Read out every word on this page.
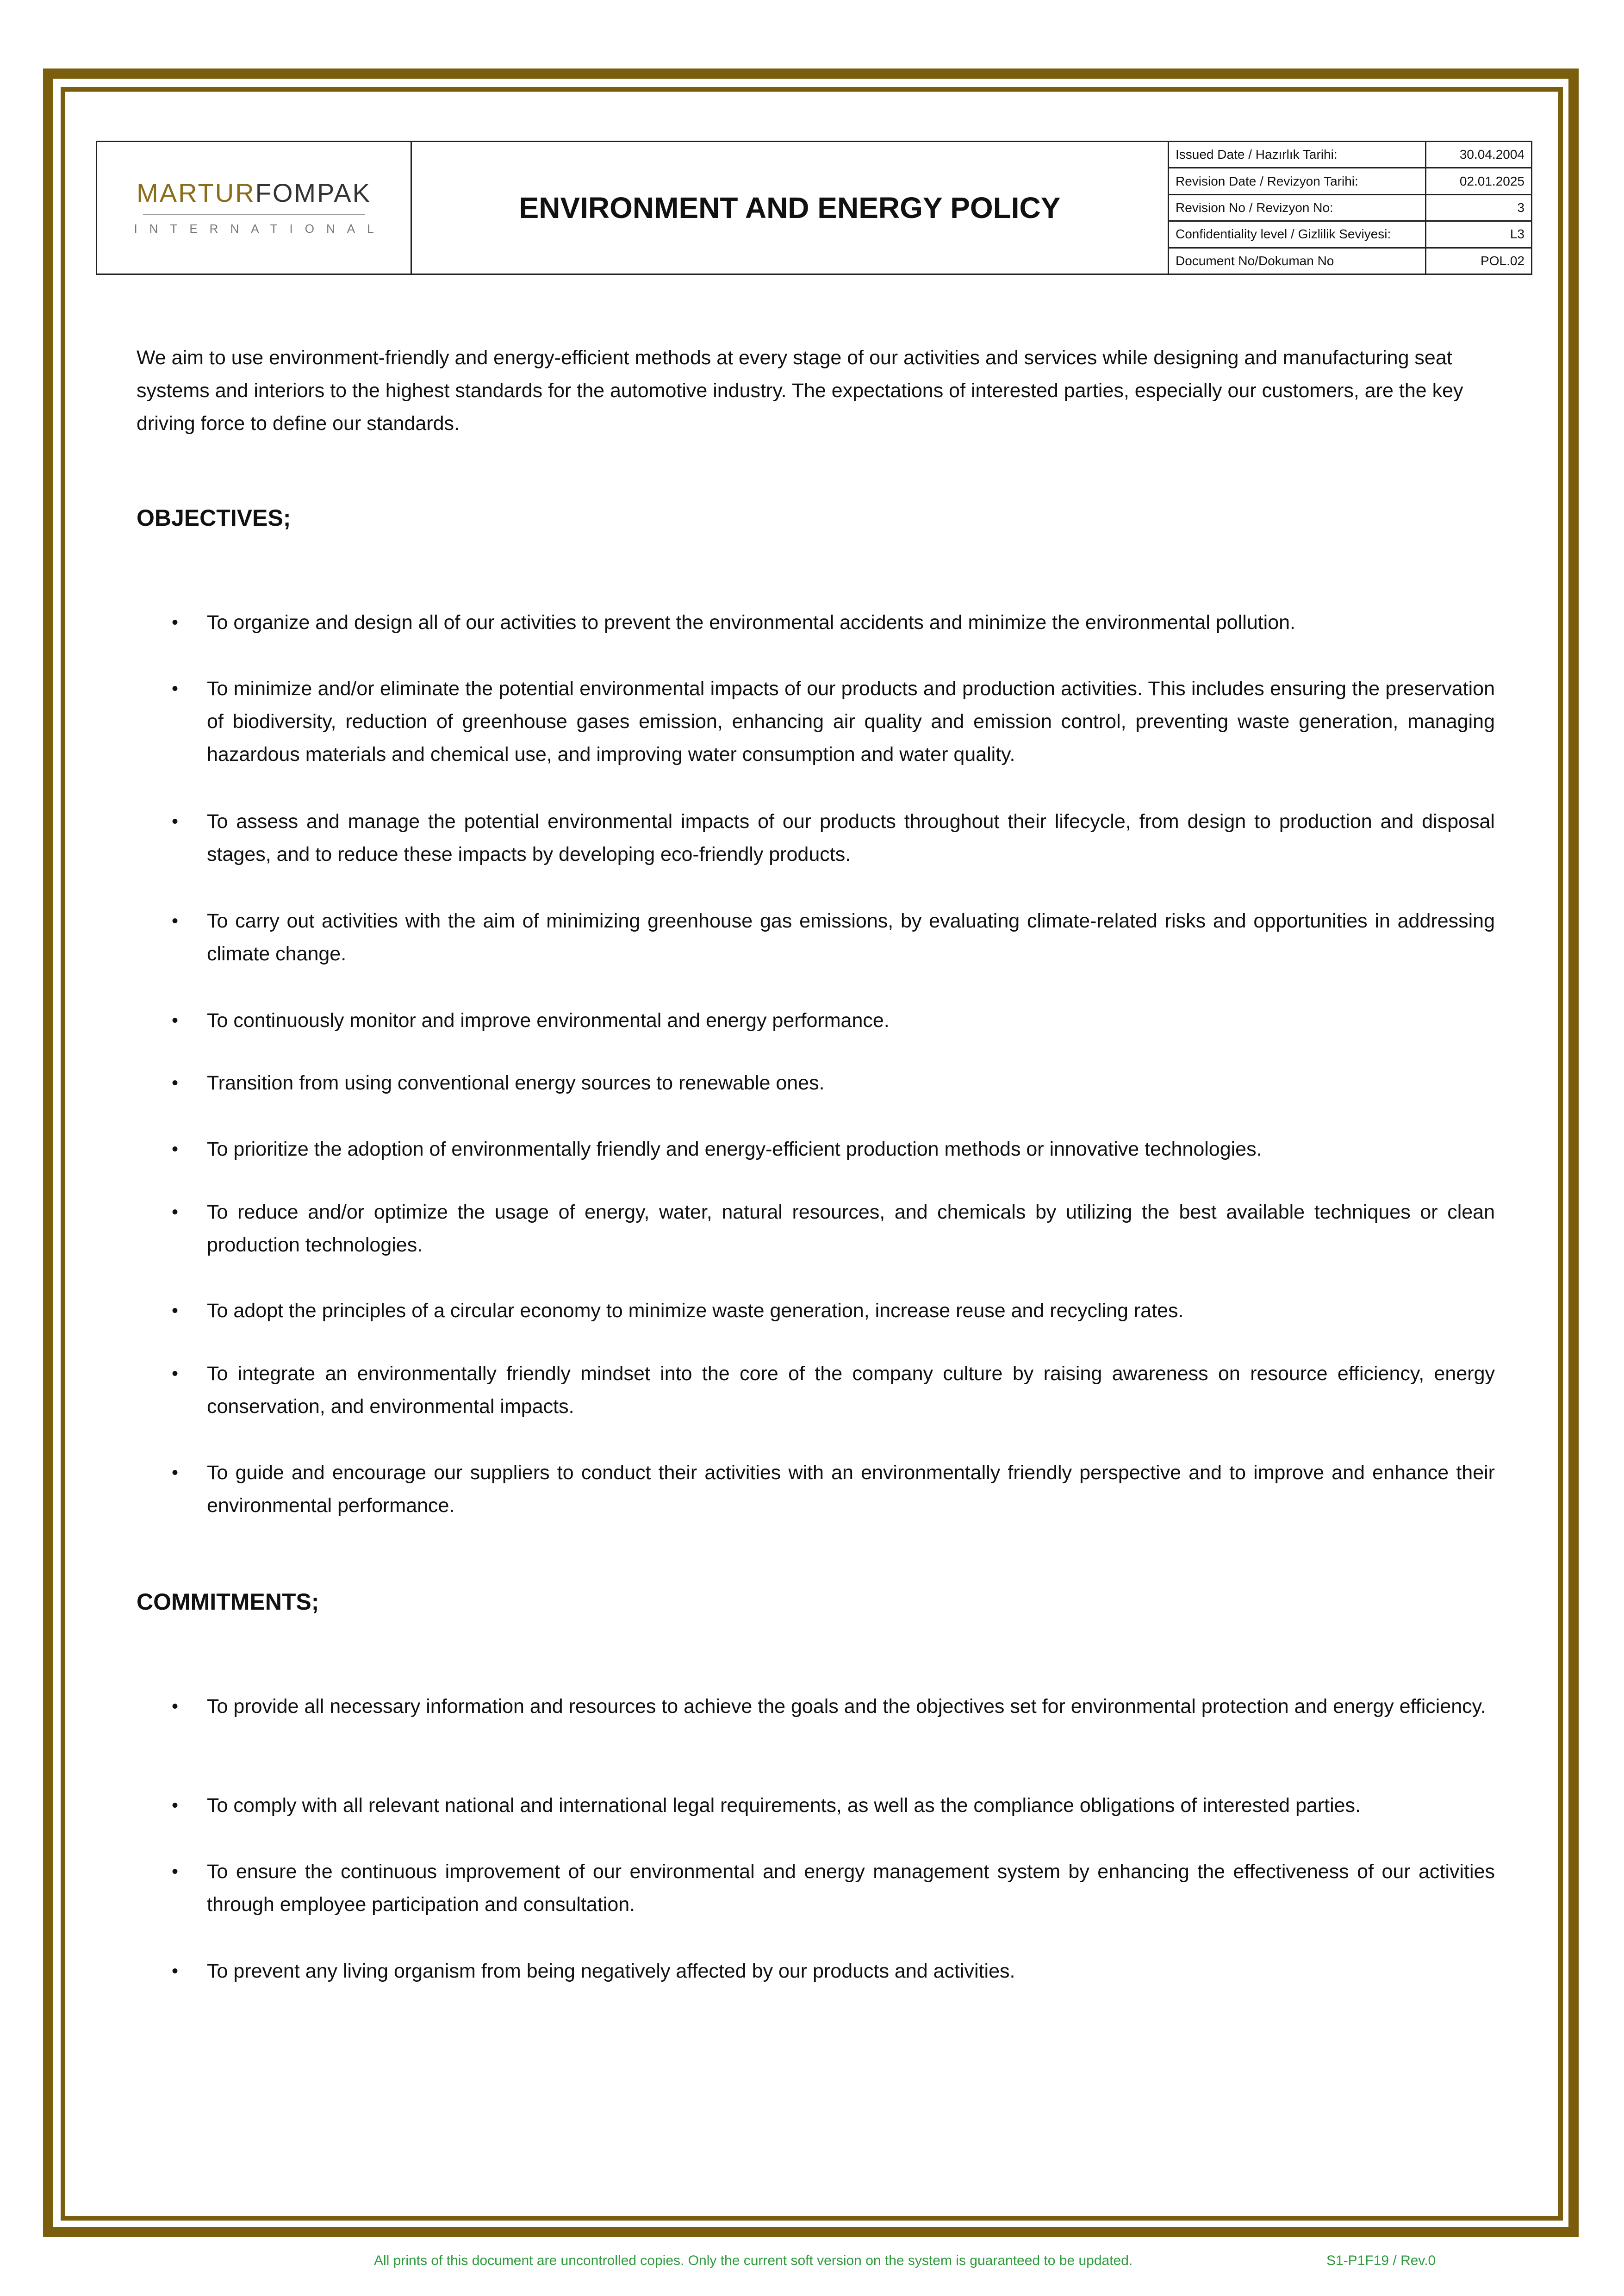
MARTURFOMPAK
INTERNATIONAL
ENVIRONMENT AND ENERGY POLICY
Issued Date / Hazırlık Tarihi:	30.04.2004
Revision Date / Revizyon Tarihi:	02.01.2025
Revision No / Revizyon No:	3
Confidentiality level / Gizlilik Seviyesi:	L3
Document No/Dokuman No	POL.02

We aim to use environment-friendly and energy-efficient methods at every stage of our activities and services while designing and manufacturing seat systems and interiors to the highest standards for the automotive industry. The expectations of interested parties, especially our customers, are the key driving force to define our standards.

OBJECTIVES;
• To organize and design all of our activities to prevent the environmental accidents and minimize the environmental pollution.
• To minimize and/or eliminate the potential environmental impacts of our products and production activities. This includes ensuring the preservation of biodiversity, reduction of greenhouse gases emission, enhancing air quality and emission control, preventing waste generation, managing hazardous materials and chemical use, and improving water consumption and water quality.
• To assess and manage the potential environmental impacts of our products throughout their lifecycle, from design to production and disposal stages, and to reduce these impacts by developing eco-friendly products.
• To carry out activities with the aim of minimizing greenhouse gas emissions, by evaluating climate-related risks and opportunities in addressing climate change.
• To continuously monitor and improve environmental and energy performance.
• Transition from using conventional energy sources to renewable ones.
• To prioritize the adoption of environmentally friendly and energy-efficient production methods or innovative technologies.
• To reduce and/or optimize the usage of energy, water, natural resources, and chemicals by utilizing the best available techniques or clean production technologies.
• To adopt the principles of a circular economy to minimize waste generation, increase reuse and recycling rates.
• To integrate an environmentally friendly mindset into the core of the company culture by raising awareness on resource efficiency, energy conservation, and environmental impacts.
• To guide and encourage our suppliers to conduct their activities with an environmentally friendly perspective and to improve and enhance their environmental performance.
COMMITMENTS;
• To provide all necessary information and resources to achieve the goals and the objectives set for environmental protection and energy efficiency.
• To comply with all relevant national and international legal requirements, as well as the compliance obligations of interested parties.
• To ensure the continuous improvement of our environmental and energy management system by enhancing the effectiveness of our activities through employee participation and consultation.
• To prevent any living organism from being negatively affected by our products and activities.
All prints of this document are uncontrolled copies. Only the current soft version on the system is guaranteed to be updated.	S1-P1F19 / Rev.0
